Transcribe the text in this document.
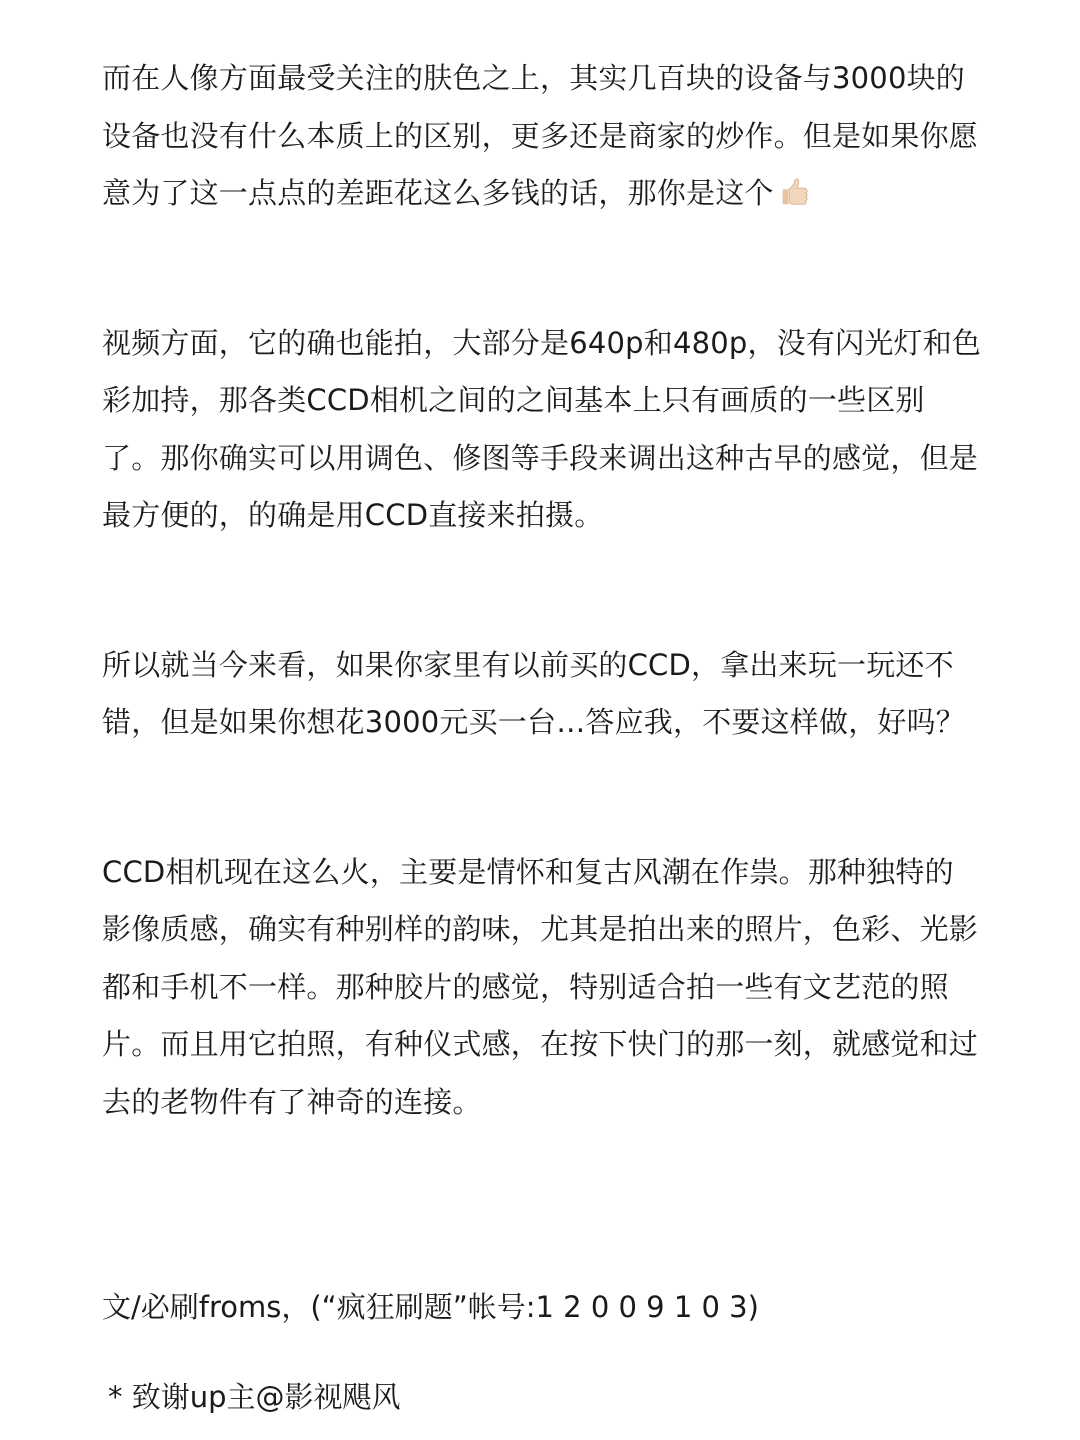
而在人像方面最受关注的肤色之上，其实几百块的设备与3000块的设备也没有什么本质上的区别，更多还是商家的炒作。但是如果你愿意为了这一点点的差距花这么多钱的话，那你是这个

视频方面，它的确也能拍，大部分是640p和480p，没有闪光灯和色彩加持，那各类CCD相机之间的之间基本上只有画质的一些区别了。那你确实可以用调色、修图等手段来调出这种古早的感觉，但是最方便的，的确是用CCD直接来拍摄。

所以就当今来看，如果你家里有以前买的CCD，拿出来玩一玩还不错，但是如果你想花3000元买一台…答应我，不要这样做，好吗？

CCD相机现在这么火，主要是情怀和复古风潮在作祟。那种独特的影像质感，确实有种别样的韵味，尤其是拍出来的照片，色彩、光影都和手机不一样。那种胶片的感觉，特别适合拍一些有文艺范的照片。而且用它拍照，有种仪式感，在按下快门的那一刻，就感觉和过去的老物件有了神奇的连接。

文/必刷froms，(“疯狂刷题”帐号:1 2 0 0 9 1 0 3)

* 致谢up主@影视飓风
